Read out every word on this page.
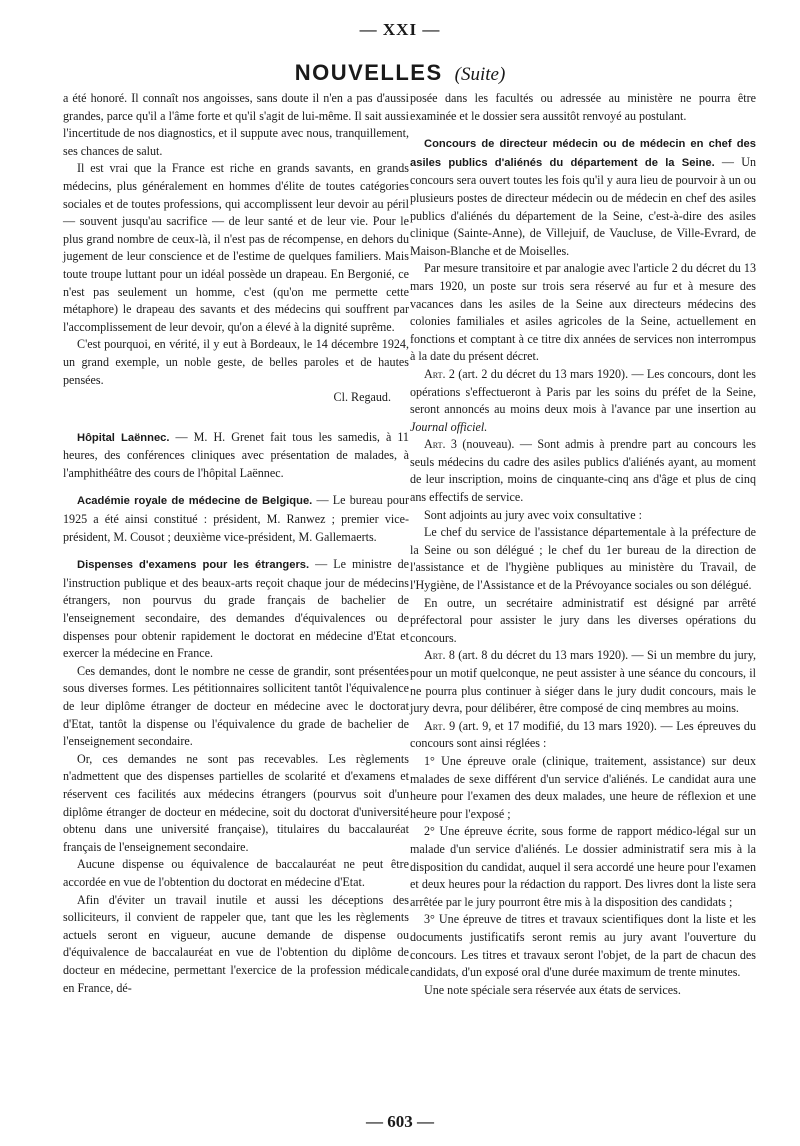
— XXI —
NOUVELLES (Suite)

a été honoré. Il connaît nos angoisses, sans doute il n'en a pas d'aussi grandes, parce qu'il a l'âme forte et qu'il s'agit de lui-même. Il sait aussi l'incertitude de nos diagnostics, et il suppute avec nous, tranquillement, ses chances de salut.

Il est vrai que la France est riche en grands savants, en grands médecins, plus généralement en hommes d'élite de toutes catégories sociales et de toutes professions, qui accomplissent leur devoir au péril — souvent jusqu'au sacrifice — de leur santé et de leur vie. Pour le plus grand nombre de ceux-là, il n'est pas de récompense, en dehors du jugement de leur conscience et de l'estime de quelques familiers. Mais toute troupe luttant pour un idéal possède un drapeau. En Bergonié, ce n'est pas seulement un homme, c'est (qu'on me permette cette métaphore) le drapeau des savants et des médecins qui souffrent par l'accomplissement de leur devoir, qu'on a élevé à la dignité suprême.

C'est pourquoi, en vérité, il y eut à Bordeaux, le 14 décembre 1924, un grand exemple, un noble geste, de belles paroles et de hautes pensées.

Cl. Regaud.

Hôpital Laënnec. — M. H. Grenet fait tous les samedis, à 11 heures, des conférences cliniques avec présentation de malades, à l'amphithéâtre des cours de l'hôpital Laënnec.

Académie royale de médecine de Belgique. — Le bureau pour 1925 a été ainsi constitué : président, M. Ranwez ; premier vice-président, M. Cousot ; deuxième vice-président, M. Gallemaerts.

Dispenses d'examens pour les étrangers. — Le ministre de l'instruction publique et des beaux-arts reçoit chaque jour de médecins étrangers, non pourvus du grade français de bachelier de l'enseignement secondaire, des demandes d'équivalences ou de dispenses pour obtenir rapidement le doctorat en médecine d'Etat et exercer la médecine en France.

Ces demandes, dont le nombre ne cesse de grandir, sont présentées sous diverses formes. Les pétitionnaires sollicitent tantôt l'équivalence de leur diplôme étranger de docteur en médecine avec le doctorat d'Etat, tantôt la dispense ou l'équivalence du grade de bachelier de l'enseignement secondaire.

Or, ces demandes ne sont pas recevables. Les règlements n'admettent que des dispenses partielles de scolarité et d'examens et réservent ces facilités aux médecins étrangers (pourvus soit d'un diplôme étranger de docteur en médecine, soit du doctorat d'université obtenu dans une université française), titulaires du baccalauréat français de l'enseignement secondaire.

Aucune dispense ou équivalence de baccalauréat ne peut être accordée en vue de l'obtention du doctorat en médecine d'Etat.

Afin d'éviter un travail inutile et aussi les déceptions des solliciteurs, il convient de rappeler que, tant que les les règlements actuels seront en vigueur, aucune demande de dispense ou d'équivalence de baccalauréat en vue de l'obtention du diplôme de docteur en médecine, permettant l'exercice de la profession médicale en France, dé-

posée dans les facultés ou adressée au ministère ne pourra être examinée et le dossier sera aussitôt renvoyé au postulant.

Concours de directeur médecin ou de médecin en chef des asiles publics d'aliénés du département de la Seine. — Un concours sera ouvert toutes les fois qu'il y aura lieu de pourvoir à un ou plusieurs postes de directeur médecin ou de médecin en chef des asiles publics d'aliénés du département de la Seine, c'est-à-dire des asiles clinique (Sainte-Anne), de Villejuif, de Vaucluse, de Ville-Evrard, de Maison-Blanche et de Moiselles.

Par mesure transitoire et par analogie avec l'article 2 du décret du 13 mars 1920, un poste sur trois sera réservé au fur et à mesure des vacances dans les asiles de la Seine aux directeurs médecins des colonies familiales et asiles agricoles de la Seine, actuellement en fonctions et comptant à ce titre dix années de services non interrompus à la date du présent décret.

Art. 2 (art. 2 du décret du 13 mars 1920). — Les concours, dont les opérations s'effectueront à Paris par les soins du préfet de la Seine, seront annoncés au moins deux mois à l'avance par une insertion au Journal officiel.

Art. 3 (nouveau). — Sont admis à prendre part au concours les seuls médecins du cadre des asiles publics d'aliénés ayant, au moment de leur inscription, moins de cinquante-cinq ans d'âge et plus de cinq ans effectifs de service.

Sont adjoints au jury avec voix consultative :

Le chef du service de l'assistance départementale à la préfecture de la Seine ou son délégué ; le chef du 1er bureau de la direction de l'assistance et de l'hygiène publiques au ministère du Travail, de l'Hygiène, de l'Assistance et de la Prévoyance sociales ou son délégué.

En outre, un secrétaire administratif est désigné par arrêté préfectoral pour assister le jury dans les diverses opérations du concours.

Art. 8 (art. 8 du décret du 13 mars 1920). — Si un membre du jury, pour un motif quelconque, ne peut assister à une séance du concours, il ne pourra plus continuer à siéger dans le jury dudit concours, mais le jury devra, pour délibérer, être composé de cinq membres au moins.

Art. 9 (art. 9, et 17 modifié, du 13 mars 1920). — Les épreuves du concours sont ainsi réglées :

1° Une épreuve orale (clinique, traitement, assistance) sur deux malades de sexe différent d'un service d'aliénés. Le candidat aura une heure pour l'examen des deux malades, une heure de réflexion et une heure pour l'exposé ;

2° Une épreuve écrite, sous forme de rapport médico-légal sur un malade d'un service d'aliénés. Le dossier administratif sera mis à la disposition du candidat, auquel il sera accordé une heure pour l'examen et deux heures pour la rédaction du rapport. Des livres dont la liste sera arrêtée par le jury pourront être mis à la disposition des candidats ;

3° Une épreuve de titres et travaux scientifiques dont la liste et les documents justificatifs seront remis au jury avant l'ouverture du concours. Les titres et travaux seront l'objet, de la part de chacun des candidats, d'un exposé oral d'une durée maximum de trente minutes.

Une note spéciale sera réservée aux états de services.

— 603 —
